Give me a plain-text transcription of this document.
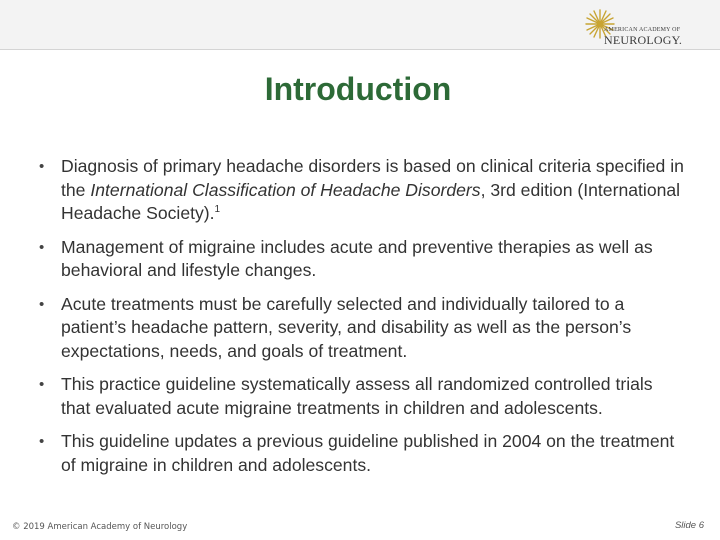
AMERICAN ACADEMY OF
NEUROLOGY.
Introduction
• Diagnosis of primary headache disorders is based on clinical criteria specified in the International Classification of Headache Disorders, 3rd edition (International Headache Society).$^1$
• Management of migraine includes acute and preventive therapies as well as behavioral and lifestyle changes.
• Acute treatments must be carefully selected and individually tailored to a patient’s headache pattern, severity, and disability as well as the person’s expectations, needs, and goals of treatment.
• This practice guideline systematically assess all randomized controlled trials that evaluated acute migraine treatments in children and adolescents.
• This guideline updates a previous guideline published in 2004 on the treatment of migraine in children and adolescents.
© 2019 American Academy of Neurology	Slide 6
